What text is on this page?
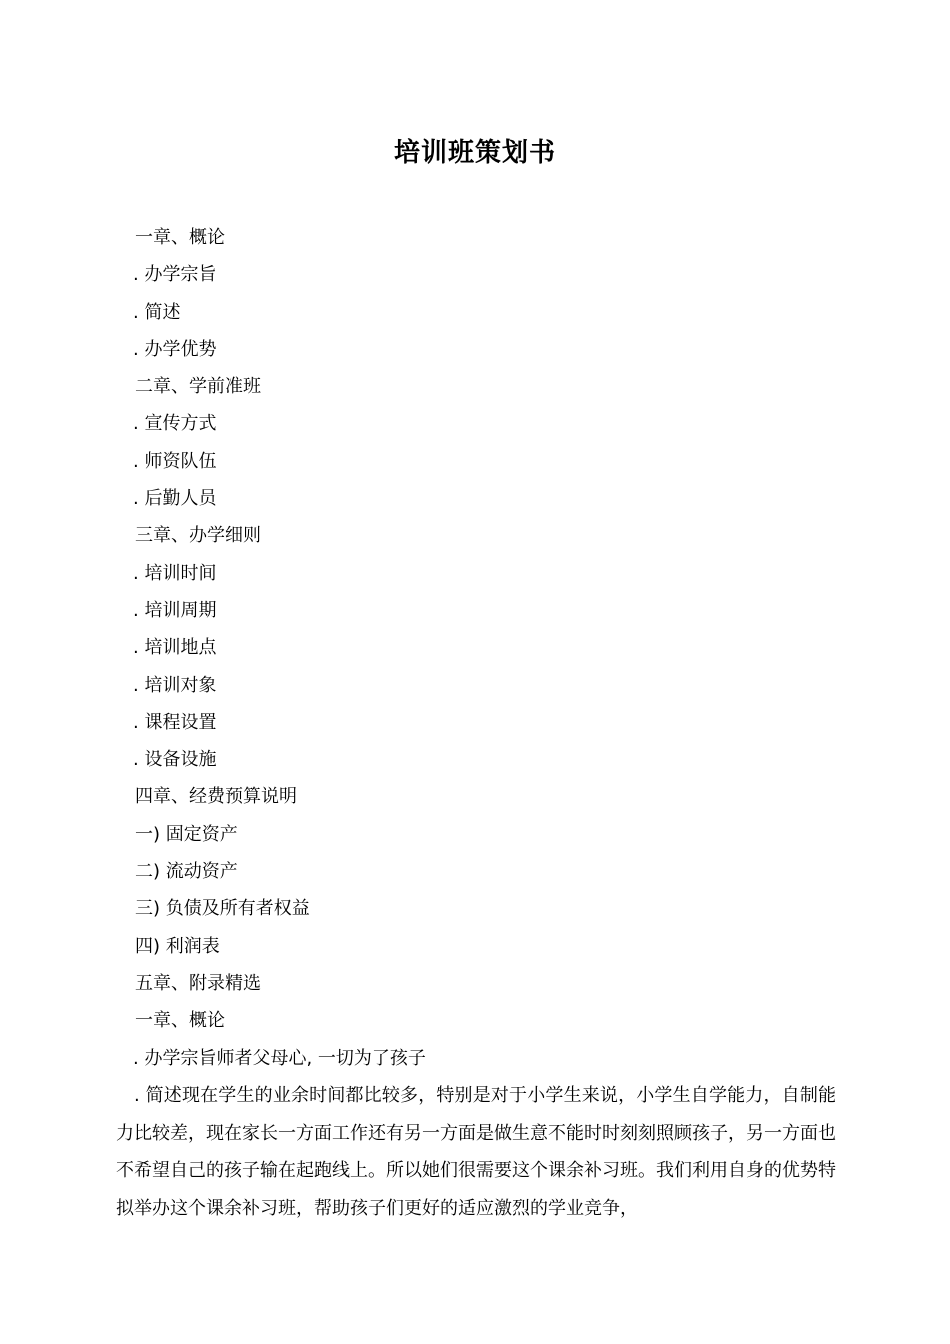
培训班策划书
一章、概论
. 办学宗旨
. 简述
. 办学优势
二章、学前准班
. 宣传方式
. 师资队伍
. 后勤人员
三章、办学细则
. 培训时间
. 培训周期
. 培训地点
. 培训对象
. 课程设置
. 设备设施
四章、经费预算说明
一) 固定资产
二) 流动资产
三) 负债及所有者权益
四) 利润表
五章、附录精选
一章、概论
. 办学宗旨师者父母心, 一切为了孩子
. 简述现在学生的业余时间都比较多，特别是对于小学生来说，小学生自学能力，自制能力比较差，现在家长一方面工作还有另一方面是做生意不能时时刻刻照顾孩子，另一方面也不希望自己的孩子输在起跑线上。所以她们很需要这个课余补习班。我们利用自身的优势特拟举办这个课余补习班，帮助孩子们更好的适应激烈的学业竞争，
